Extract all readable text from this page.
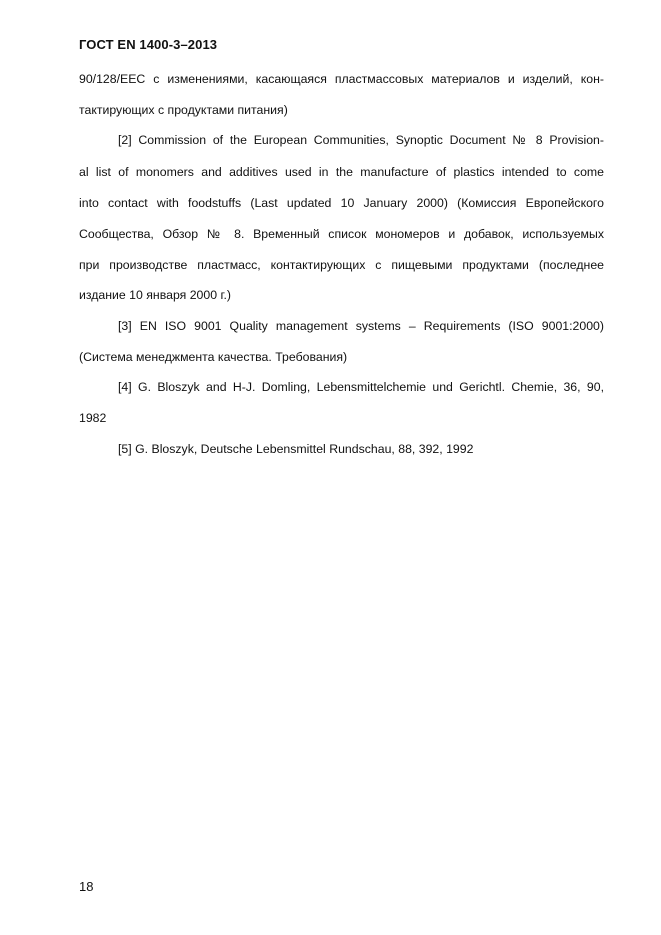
ГОСТ EN 1400-3–2013
90/128/EEC с изменениями, касающаяся пластмассовых материалов и изделий, кон-
тактирующих с продуктами питания)
[2] Commission of the European Communities, Synoptic Document № 8 Provision-
al list of monomers and additives used in the manufacture of plastics intended to come
into contact with foodstuffs (Last updated 10 January 2000) (Комиссия Европейского
Сообщества, Обзор № 8. Временный список мономеров и добавок, используемых
при производстве пластмасс, контактирующих с пищевыми продуктами (последнее
издание 10 января 2000 г.)
[3] EN ISO 9001 Quality management systems – Requirements (ISO 9001:2000)
(Система менеджмента качества. Требования)
[4] G. Bloszyk and H-J. Domling, Lebensmittelchemie und Gerichtl. Chemie, 36, 90,
1982
[5] G. Bloszyk, Deutsche Lebensmittel Rundschau, 88, 392, 1992
18
